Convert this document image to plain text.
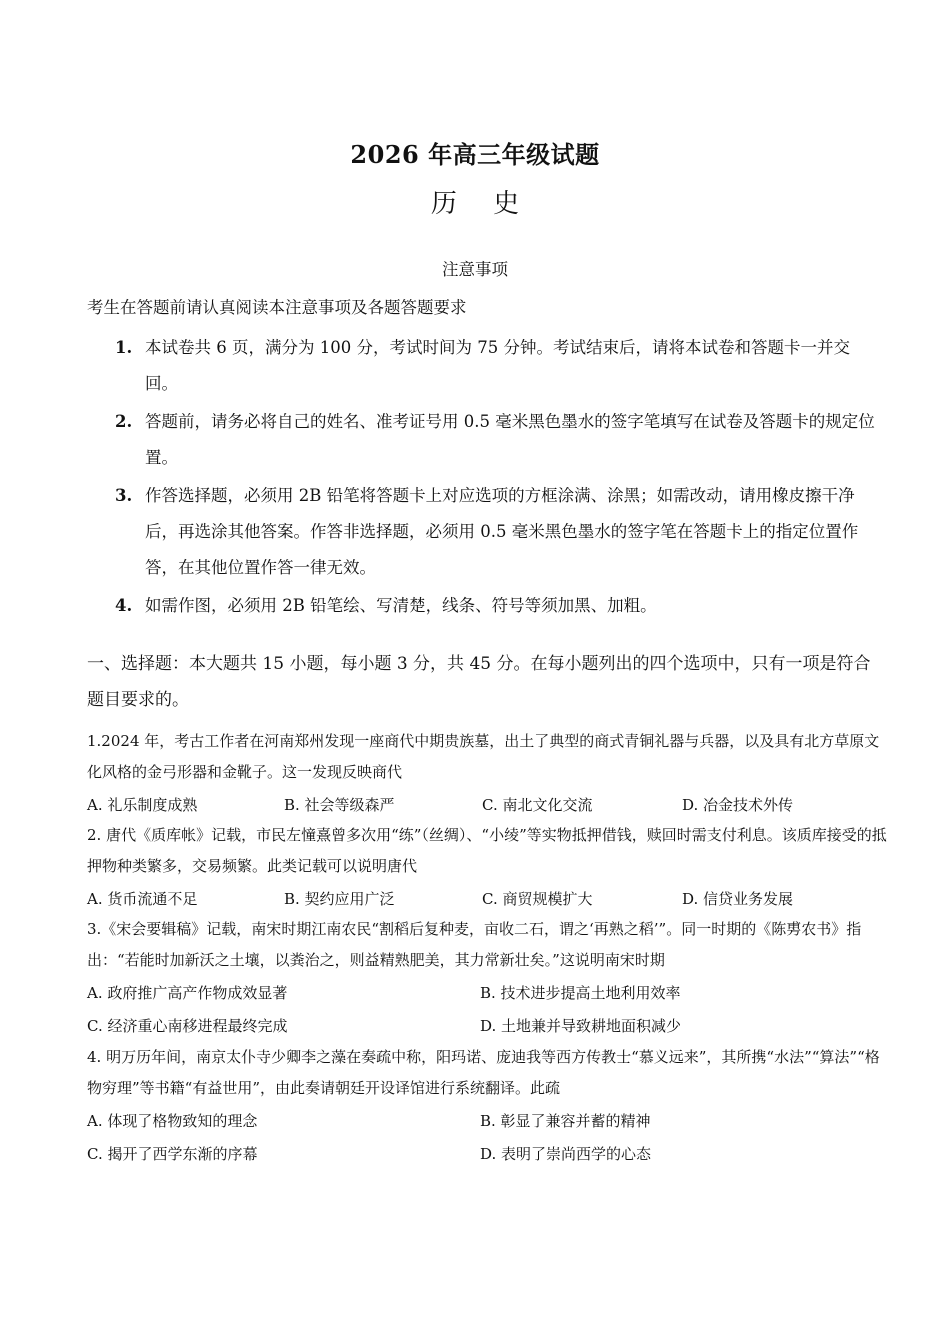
2026 年高三年级试题
历 史
注意事项
考生在答题前请认真阅读本注意事项及各题答题要求
1. 本试卷共 6 页，满分为 100 分，考试时间为 75 分钟。考试结束后，请将本试卷和答题卡一并交回。
2. 答题前，请务必将自己的姓名、准考证号用 0.5 毫米黑色墨水的签字笔填写在试卷及答题卡的规定位置。
3. 作答选择题，必须用 2B 铅笔将答题卡上对应选项的方框涂满、涂黑；如需改动，请用橡皮擦干净后，再选涂其他答案。作答非选择题，必须用 0.5 毫米黑色墨水的签字笔在答题卡上的指定位置作答，在其他位置作答一律无效。
4. 如需作图，必须用 2B 铅笔绘、写清楚，线条、符号等须加黑、加粗。
一、选择题：本大题共 15 小题，每小题 3 分，共 45 分。在每小题列出的四个选项中，只有一项是符合题目要求的。
1.2024 年，考古工作者在河南郑州发现一座商代中期贵族墓，出土了典型的商式青铜礼器与兵器，以及具有北方草原文化风格的金弓形器和金靴子。这一发现反映商代
A. 礼乐制度成熟	B. 社会等级森严	C. 南北文化交流	D. 冶金技术外传
2. 唐代《质库帐》记载，市民左憧熹曾多次用“练”（丝绸）、“小绫”等实物抵押借钱，赎回时需支付利息。该质库接受的抵押物种类繁多，交易频繁。此类记载可以说明唐代
A. 货币流通不足	B. 契约应用广泛	C. 商贸规模扩大	D. 信贷业务发展
3.《宋会要辑稿》记载，南宋时期江南农民“割稻后复种麦，亩收二石，谓之‘再熟之稻’”。同一时期的《陈旉农书》指出：“若能时加新沃之土壤，以粪治之，则益精熟肥美，其力常新壮矣。”这说明南宋时期
A. 政府推广高产作物成效显著	B. 技术进步提高土地利用效率
C. 经济重心南移进程最终完成	D. 土地兼并导致耕地面积减少
4. 明万历年间，南京太仆寺少卿李之藻在奏疏中称，阳玛诺、庞迪我等西方传教士“慕义远来”，其所携“水法”“算法”“格物穷理”等书籍“有益世用”，由此奏请朝廷开设译馆进行系统翻译。此疏
A. 体现了格物致知的理念	B. 彰显了兼容并蓄的精神
C. 揭开了西学东渐的序幕	D. 表明了崇尚西学的心态
